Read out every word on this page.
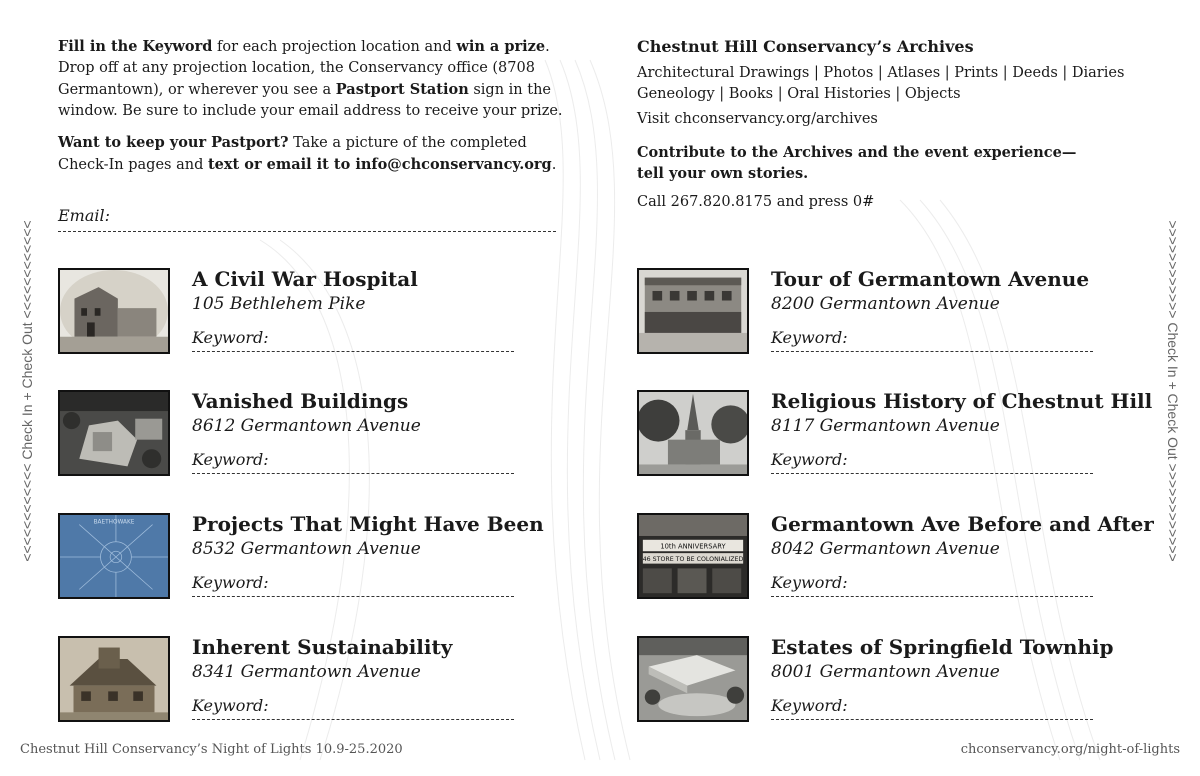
Fill in the Keyword for each projection location and win a prize. Drop off at any projection location, the Conservancy office (8708 Germantown), or wherever you see a Pastport Station sign in the window. Be sure to include your email address to receive your prize.

Want to keep your Pastport? Take a picture of the completed Check-In pages and text or email it to info@chconservancy.org.

Email:
Chestnut Hill Conservancy’s Archives

Architectural Drawings | Photos | Atlases | Prints | Deeds | Diaries
Geneology | Books | Oral Histories | Objects

Visit chconservancy.org/archives

Contribute to the Archives and the event experience—
tell your own stories.

Call 267.820.8175 and press 0#

<<<<<<<<<<<< Check In + Check Out <<<<<<<<<<<<	>>>>>>>>>>>> Check In + Check Out >>>>>>>>>>>>
A Civil War Hospital
105 Bethlehem Pike
Keyword:
Vanished Buildings
8612 Germantown Avenue
Keyword:
BAETHOWAKE	Projects That Might Have Been
8532 Germantown Avenue
Keyword:
Inherent Sustainability
8341 Germantown Avenue
Keyword:
Tour of Germantown Avenue
8200 Germantown Avenue
Keyword:
Religious History of Chestnut Hill
8117 Germantown Avenue
Keyword:
10th ANNIVERSARY
46 STORE TO BE COLONIALIZED
Germantown Ave Before and After
8042 Germantown Avenue
Keyword:
Estates of Springfield Townhip
8001 Germantown Avenue
Keyword:
Chestnut Hill Conservancy’s Night of Lights 10.9-25.2020	chconservancy.org/night-of-lights
